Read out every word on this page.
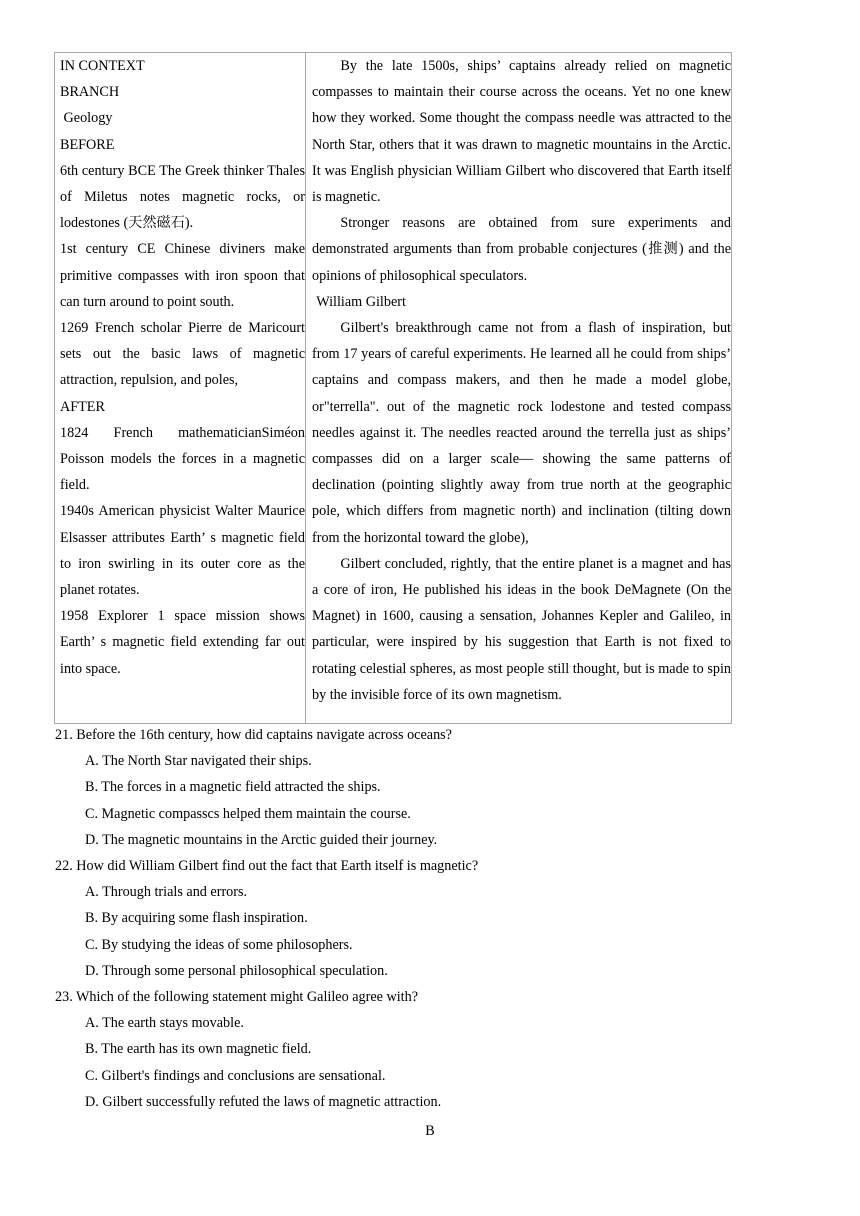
IN CONTEXT

BRANCH

Geology

BEFORE

6th century BCE The Greek thinker Thales of Miletus notes magnetic rocks, or lodestones (天然磁石).

1st century CE Chinese diviners make primitive compasses with iron spoon that can turn around to point south.

1269 French scholar Pierre de Maricourt sets out the basic laws of magnetic attraction, repulsion, and poles,

AFTER

1824 French mathematicianSiméon Poisson models the forces in a magnetic field.

1940s American physicist Walter Maurice Elsasser attributes Earth’ s magnetic field to iron swirling in its outer core as the planet rotates.

1958 Explorer 1 space mission shows Earth’ s magnetic field extending far out into space.

By the late 1500s, ships’ captains already relied on magnetic compasses to maintain their course across the oceans. Yet no one knew how they worked. Some thought the compass needle was attracted to the North Star, others that it was drawn to magnetic mountains in the Arctic. It was English physician William Gilbert who discovered that Earth itself is magnetic.

Stronger reasons are obtained from sure experiments and demonstrated arguments than from probable conjectures (推测) and the opinions of philosophical speculators.

William Gilbert

Gilbert's breakthrough came not from a flash of inspiration, but from 17 years of careful experiments. He learned all he could from ships’ captains and compass makers, and then he made a model globe, or"terrella". out of the magnetic rock lodestone and tested compass needles against it. The needles reacted around the terrella just as ships’ compasses did on a larger scale— showing the same patterns of declination (pointing slightly away from true north at the geographic pole, which differs from magnetic north) and inclination (tilting down from the horizontal toward the globe),

Gilbert concluded, rightly, that the entire planet is a magnet and has a core of iron, He published his ideas in the book DeMagnete (On the Magnet) in 1600, causing a sensation, Johannes Kepler and Galileo, in particular, were inspired by his suggestion that Earth is not fixed to rotating celestial spheres, as most people still thought, but is made to spin by the invisible force of its own magnetism.

21. Before the 16th century, how did captains navigate across oceans?

A. The North Star navigated their ships.

B. The forces in a magnetic field attracted the ships.

C. Magnetic compasscs helped them maintain the course.

D. The magnetic mountains in the Arctic guided their journey.

22. How did William Gilbert find out the fact that Earth itself is magnetic?

A. Through trials and errors.

B. By acquiring some flash inspiration.

C. By studying the ideas of some philosophers.

D. Through some personal philosophical speculation.

23. Which of the following statement might Galileo agree with?

A. The earth stays movable.

B. The earth has its own magnetic field.

C. Gilbert's findings and conclusions are sensational.

D. Gilbert successfully refuted the laws of magnetic attraction.

B
